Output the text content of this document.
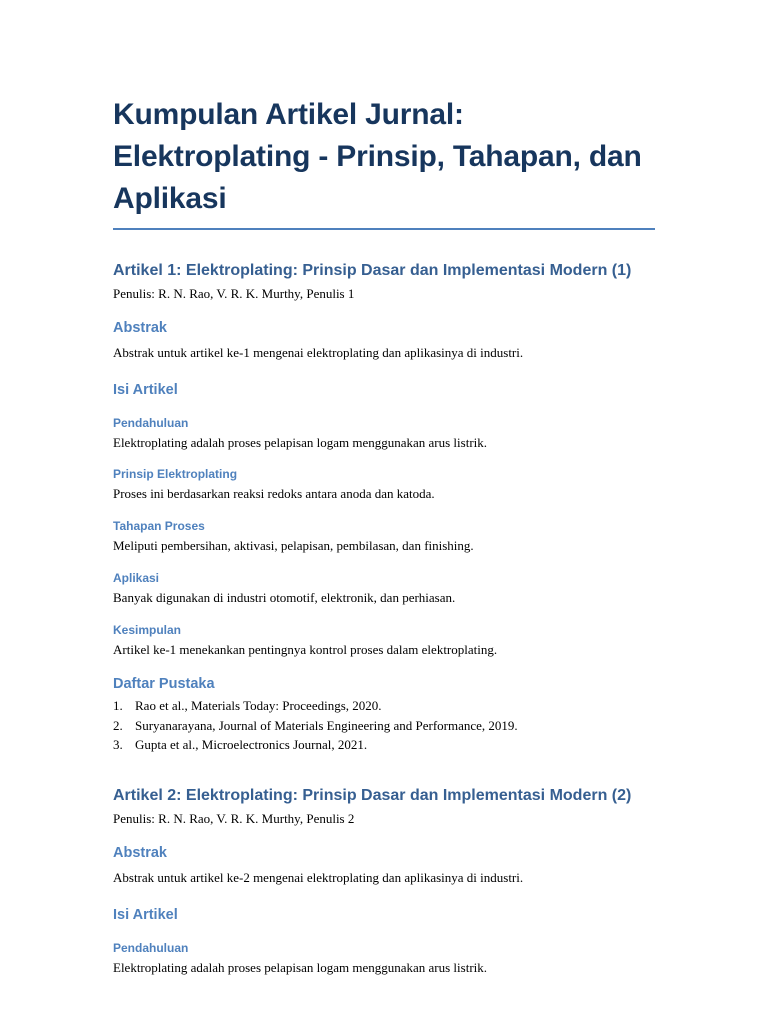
Kumpulan Artikel Jurnal: Elektroplating - Prinsip, Tahapan, dan Aplikasi
Artikel 1: Elektroplating: Prinsip Dasar dan Implementasi Modern (1)

Penulis: R. N. Rao, V. R. K. Murthy, Penulis 1

Abstrak

Abstrak untuk artikel ke-1 mengenai elektroplating dan aplikasinya di industri.

Isi Artikel
Pendahuluan

Elektroplating adalah proses pelapisan logam menggunakan arus listrik.

Prinsip Elektroplating

Proses ini berdasarkan reaksi redoks antara anoda dan katoda.

Tahapan Proses

Meliputi pembersihan, aktivasi, pelapisan, pembilasan, dan finishing.

Aplikasi

Banyak digunakan di industri otomotif, elektronik, dan perhiasan.

Kesimpulan

Artikel ke-1 menekankan pentingnya kontrol proses dalam elektroplating.

Daftar Pustaka
1. Rao et al., Materials Today: Proceedings, 2020.
2. Suryanarayana, Journal of Materials Engineering and Performance, 2019.
3. Gupta et al., Microelectronics Journal, 2021.
Artikel 2: Elektroplating: Prinsip Dasar dan Implementasi Modern (2)

Penulis: R. N. Rao, V. R. K. Murthy, Penulis 2

Abstrak

Abstrak untuk artikel ke-2 mengenai elektroplating dan aplikasinya di industri.

Isi Artikel
Pendahuluan

Elektroplating adalah proses pelapisan logam menggunakan arus listrik.
